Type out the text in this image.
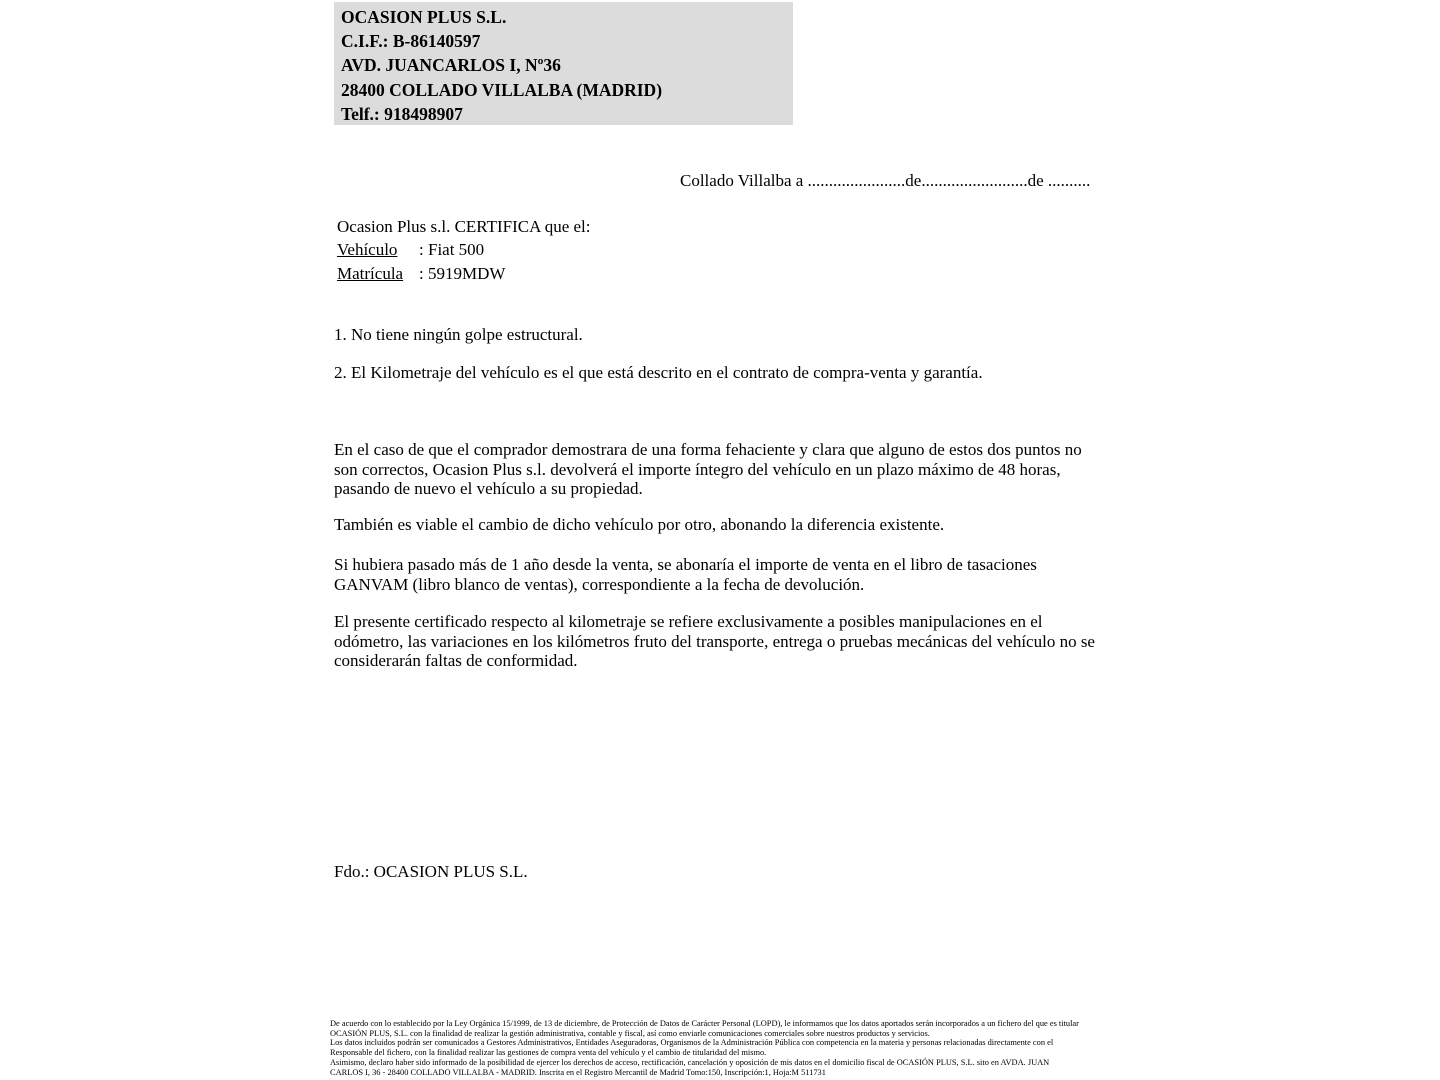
OCASION PLUS S.L.
C.I.F.: B-86140597
AVD. JUANCARLOS I, Nº36
28400 COLLADO VILLALBA (MADRID)
Telf.: 918498907
Collado Villalba a .......................de.........................de ..........
Ocasion Plus s.l. CERTIFICA que el:
Vehículo : Fiat 500
Matrícula : 5919MDW
1. No tiene ningún golpe estructural.
2. El Kilometraje del vehículo es el que está descrito en el contrato de compra-venta y garantía.
En el caso de que el comprador demostrara de una forma fehaciente y clara que alguno de estos dos puntos no son correctos, Ocasion Plus s.l. devolverá el importe íntegro del vehículo en un plazo máximo de 48 horas, pasando de nuevo el vehículo a su propiedad.
También es viable el cambio de dicho vehículo por otro, abonando la diferencia existente.
Si hubiera pasado más de 1 año desde la venta, se abonaría el importe de venta en el libro de tasaciones GANVAM (libro blanco de ventas), correspondiente a la fecha de devolución.
El presente certificado respecto al kilometraje se refiere exclusivamente a posibles manipulaciones en el odómetro, las variaciones en los kilómetros fruto del transporte, entrega o pruebas mecánicas del vehículo no se considerarán faltas de conformidad.
Fdo.: OCASION PLUS S.L.
De acuerdo con lo establecido por la Ley Orgánica 15/1999, de 13 de diciembre, de Protección de Datos de Carácter Personal (LOPD), le informamos que los datos aportados serán incorporados a un fichero del que es titular
OCASIÓN PLUS, S.L. con la finalidad de realizar la gestión administrativa, contable y fiscal, así como enviarle comunicaciones comerciales sobre nuestros productos y servicios.
Los datos incluidos podrán ser comunicados a Gestores Administrativos, Entidades Aseguradoras, Organismos de la Administración Pública con competencia en la materia y personas relacionadas directamente con el
Responsable del fichero, con la finalidad realizar las gestiones de compra venta del vehículo y el cambio de titularidad del mismo.
Asimismo, declaro haber sido informado de la posibilidad de ejercer los derechos de acceso, rectificación, cancelación y oposición de mis datos en el domicilio fiscal de OCASIÓN PLUS, S.L. sito en AVDA. JUAN
CARLOS I, 36 - 28400 COLLADO VILLALBA - MADRID. Inscrita en el Registro Mercantil de Madrid Tomo:150, Inscripción:1, Hoja:M 511731
